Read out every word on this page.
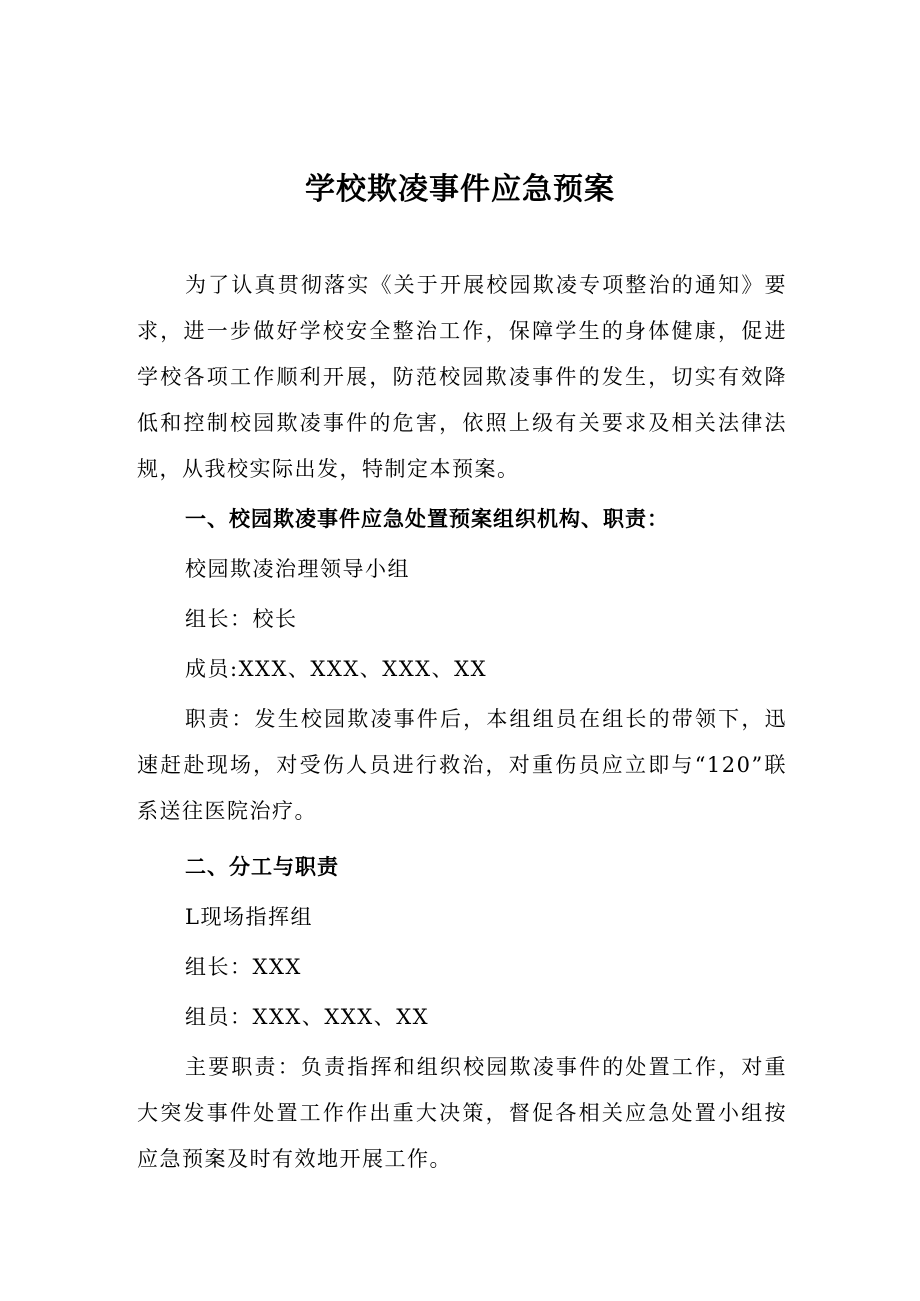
学校欺凌事件应急预案

为了认真贯彻落实《关于开展校园欺凌专项整治的通知》要求，进一步做好学校安全整治工作，保障学生的身体健康，促进学校各项工作顺利开展，防范校园欺凌事件的发生，切实有效降低和控制校园欺凌事件的危害，依照上级有关要求及相关法律法规，从我校实际出发，特制定本预案。

一、校园欺凌事件应急处置预案组织机构、职责：

校园欺凌治理领导小组

组长：校长

成员:XXX、XXX、XXX、XX

职责：发生校园欺凌事件后，本组组员在组长的带领下，迅速赶赴现场，对受伤人员进行救治，对重伤员应立即与“120”联系送往医院治疗。

二、分工与职责

L现场指挥组

组长：XXX

组员：XXX、XXX、XX

主要职责：负责指挥和组织校园欺凌事件的处置工作，对重大突发事件处置工作作出重大决策，督促各相关应急处置小组按应急预案及时有效地开展工作。
